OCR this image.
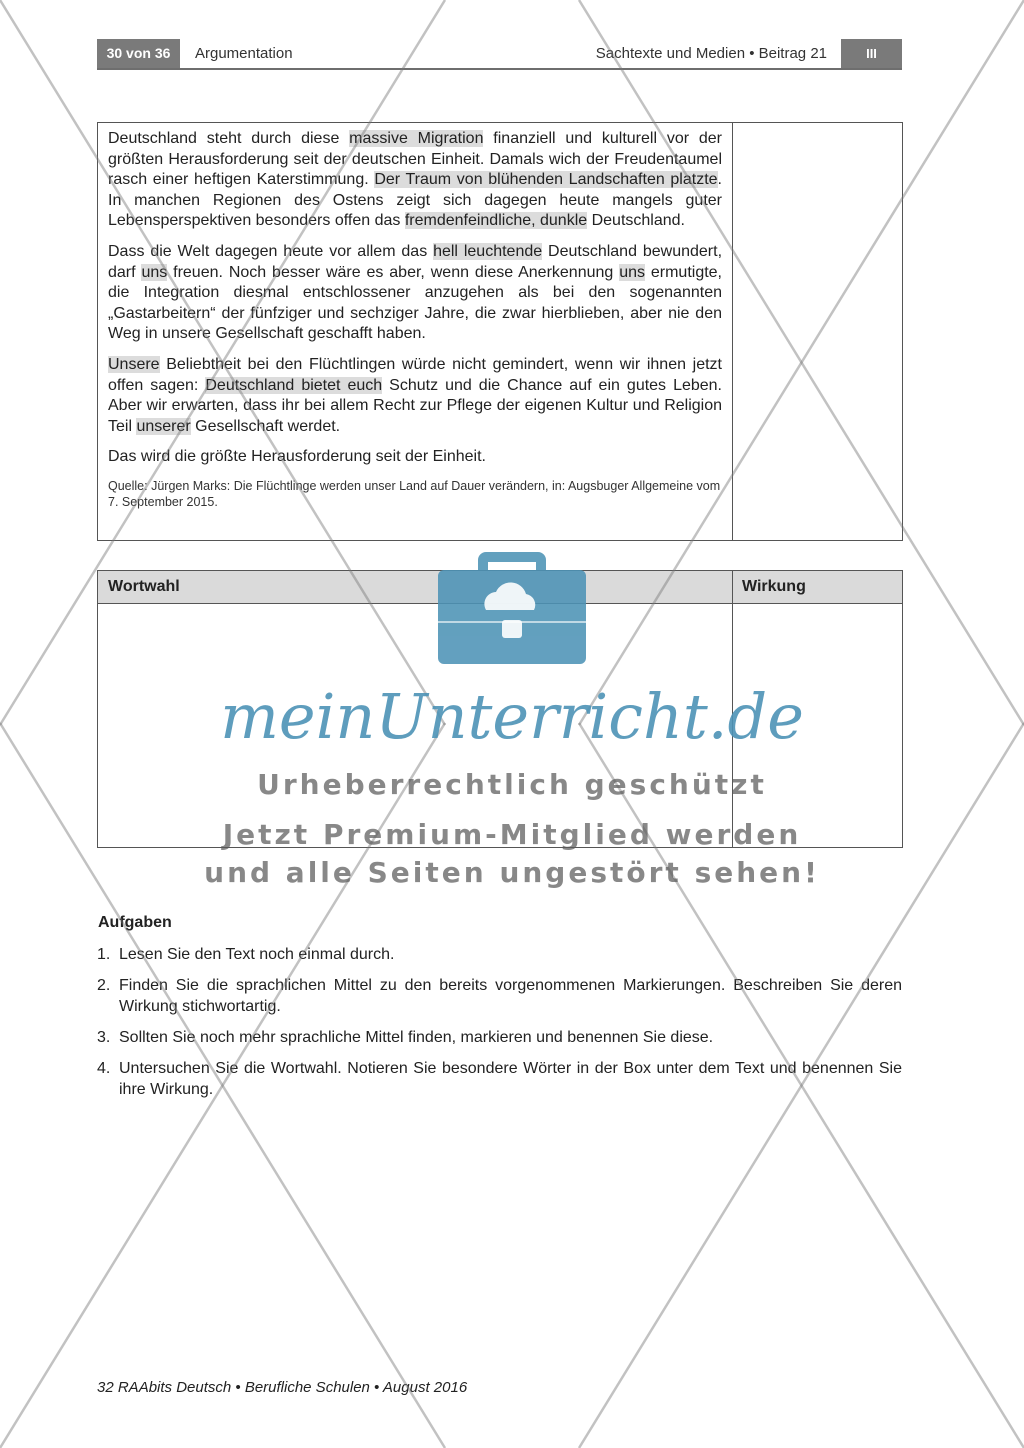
30 von 36	Argumentation	Sachtexte und Medien • Beitrag 21	III

Deutschland steht durch diese massive Migration finanziell und kulturell vor der größten Herausforderung seit der deutschen Einheit. Damals wich der Freudentaumel rasch einer heftigen Katerstimmung. Der Traum von blühenden Landschaften platzte. In manchen Regionen des Ostens zeigt sich dagegen heute mangels guter Lebensperspektiven besonders offen das fremdenfeindliche, dunkle Deutschland.

Dass die Welt dagegen heute vor allem das hell leuchtende Deutschland bewundert, darf uns freuen. Noch besser wäre es aber, wenn diese Anerkennung uns ermutigte, die Integration diesmal entschlossener anzugehen als bei den sogenannten „Gastarbeitern“ der fünfziger und sechziger Jahre, die zwar hierblieben, aber nie den Weg in unsere Gesellschaft geschafft haben.

Unsere Beliebtheit bei den Flüchtlingen würde nicht gemindert, wenn wir ihnen jetzt offen sagen: Deutschland bietet euch Schutz und die Chance auf ein gutes Leben. Aber wir erwarten, dass ihr bei allem Recht zur Pflege der eigenen Kultur und Religion Teil unserer Gesellschaft werdet.

Das wird die größte Herausforderung seit der Einheit.

Quelle: Jürgen Marks: Die Flüchtlinge werden unser Land auf Dauer verändern, in: Augsbuger Allgemeine vom 7. September 2015.
Wortwahl	Wirkung
Aufgaben
1. Lesen Sie den Text noch einmal durch.
2. Finden Sie die sprachlichen Mittel zu den bereits vorgenommenen Markierungen. Beschreiben Sie deren Wirkung stichwortartig.
3. Sollten Sie noch mehr sprachliche Mittel finden, markieren und benennen Sie diese.
4. Untersuchen Sie die Wortwahl. Notieren Sie besondere Wörter in der Box unter dem Text und benennen Sie ihre Wirkung.
32 RAAbits Deutsch • Berufliche Schulen • August 2016
meinUnterricht.de
Urheberrechtlich geschützt
Jetzt Premium-Mitglied werden
und alle Seiten ungestört sehen!
